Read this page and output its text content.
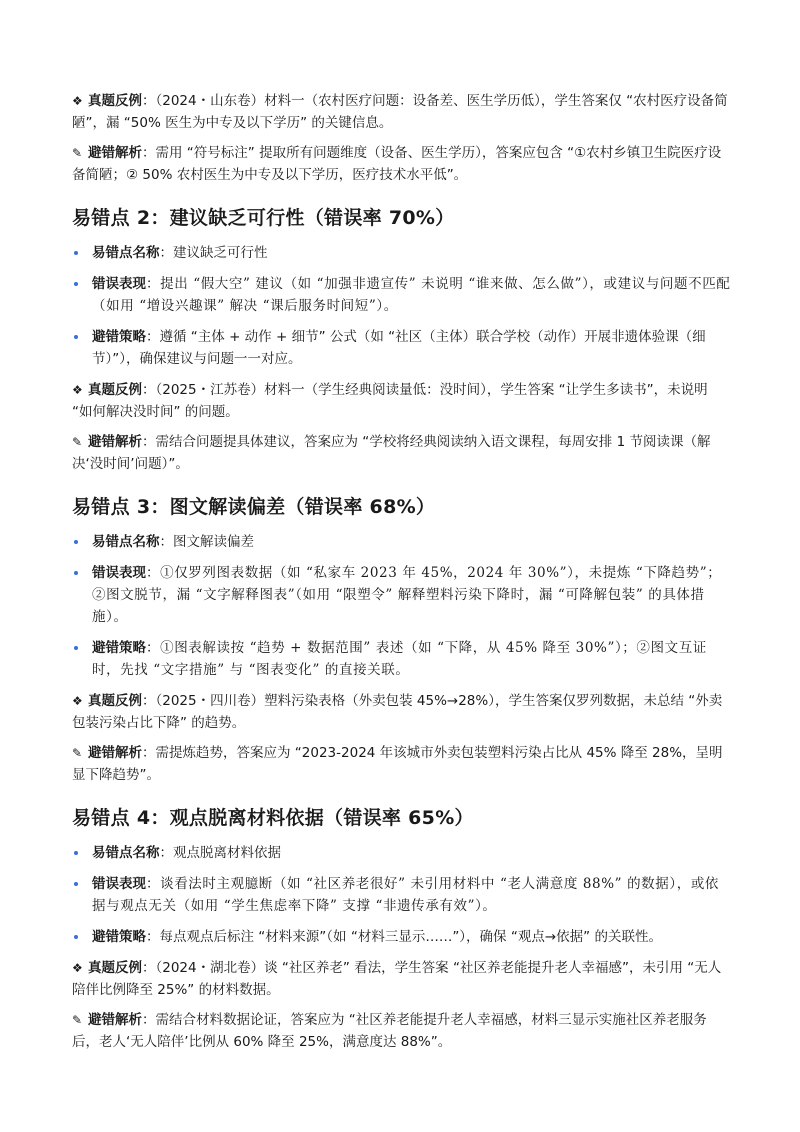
❖ 真题反例：（2024・山东卷）材料一（农村医疗问题：设备差、医生学历低），学生答案仅 “农村医疗设备简陋”，漏 “50% 医生为中专及以下学历” 的关键信息。

✎ 避错解析：需用 “符号标注” 提取所有问题维度（设备、医生学历），答案应包含 “①农村乡镇卫生院医疗设备简陋；② 50% 农村医生为中专及以下学历，医疗技术水平低”。

易错点 2：建议缺乏可行性（错误率 70%）
易错点名称：建议缺乏可行性
错误表现：提出 “假大空” 建议（如 “加强非遗宣传” 未说明 “谁来做、怎么做”），或建议与问题不匹配（如用 “增设兴趣课” 解决 “课后服务时间短”）。
避错策略：遵循 “主体 + 动作 + 细节” 公式（如 “社区（主体）联合学校（动作）开展非遗体验课（细节）”），确保建议与问题一一对应。

❖ 真题反例：（2025・江苏卷）材料一（学生经典阅读量低：没时间），学生答案 “让学生多读书”，未说明 “如何解决没时间” 的问题。

✎ 避错解析：需结合问题提具体建议，答案应为 “学校将经典阅读纳入语文课程，每周安排 1 节阅读课（解决‘没时间’问题）”。

易错点 3：图文解读偏差（错误率 68%）
易错点名称：图文解读偏差
错误表现：①仅罗列图表数据（如 “私家车 2023 年 45%，2024 年 30%”），未提炼 “下降趋势”；②图文脱节，漏 “文字解释图表”（如用 “限塑令” 解释塑料污染下降时，漏 “可降解包装” 的具体措施）。
避错策略：①图表解读按 “趋势 + 数据范围” 表述（如 “下降，从 45% 降至 30%”）；②图文互证时，先找 “文字措施” 与 “图表变化” 的直接关联。

❖ 真题反例：（2025・四川卷）塑料污染表格（外卖包装 45%→28%），学生答案仅罗列数据，未总结 “外卖包装污染占比下降” 的趋势。

✎ 避错解析：需提炼趋势，答案应为 “2023-2024 年该城市外卖包装塑料污染占比从 45% 降至 28%，呈明显下降趋势”。

易错点 4：观点脱离材料依据（错误率 65%）
易错点名称：观点脱离材料依据
错误表现：谈看法时主观臆断（如 “社区养老很好” 未引用材料中 “老人满意度 88%” 的数据），或依据与观点无关（如用 “学生焦虑率下降” 支撑 “非遗传承有效”）。
避错策略：每点观点后标注 “材料来源”（如 “材料三显示……”），确保 “观点→依据” 的关联性。

❖ 真题反例：（2024・湖北卷）谈 “社区养老” 看法，学生答案 “社区养老能提升老人幸福感”，未引用 “无人陪伴比例降至 25%” 的材料数据。

✎ 避错解析：需结合材料数据论证，答案应为 “社区养老能提升老人幸福感，材料三显示实施社区养老服务后，老人‘无人陪伴’比例从 60% 降至 25%，满意度达 88%”。
